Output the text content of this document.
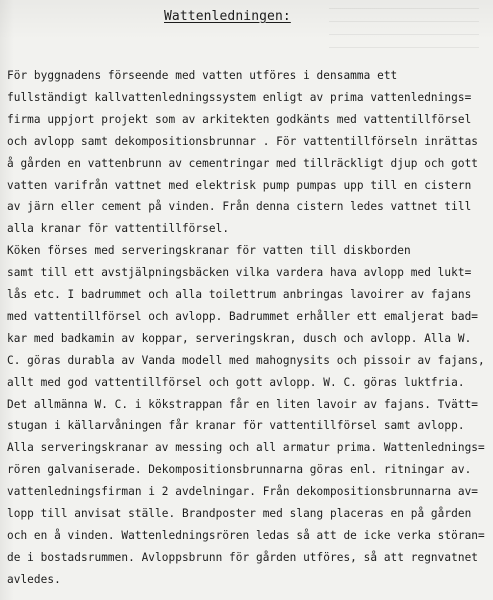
Wattenledningen:
För byggnadens förseende med vatten utföres i densamma ett
fullständigt kallvattenledningssystem enligt av prima vattenlednings=
firma uppjort projekt som av arkitekten godkänts med vattentillförsel
och avlopp samt dekompositionsbrunnar . För vattentillförseln inrättas
å gården en vattenbrunn av cementringar med tillräckligt djup och gott
vatten varifrån vattnet med elektrisk pump pumpas upp till en cistern
av järn eller cement på vinden. Från denna cistern ledes vattnet till
alla kranar för vattentillförsel.
Köken förses med serveringskranar för vatten till diskborden
samt till ett avstjälpningsbäcken vilka vardera hava avlopp med lukt=
lås etc. I badrummet och alla toilettrum anbringas lavoirer av fajans
med vattentillförsel och avlopp. Badrummet erhåller ett emaljerat bad=
kar med badkamin av koppar, serveringskran, dusch och avlopp. Alla W.
C. göras durabla av Vanda modell med mahognysits och pissoir av fajans,
allt med god vattentillförsel och gott avlopp. W. C. göras luktfria.
Det allmänna W. C. i kökstrappan får en liten lavoir av fajans. Tvätt=
stugan i källarvåningen får kranar för vattentillförsel samt avlopp.
Alla serveringskranar av messing och all armatur prima. Wattenlednings=
rören galvaniserade. Dekompositionsbrunnarna göras enl. ritningar av.
vattenledningsfirman i 2 avdelningar. Från dekompositionsbrunnarna av=
lopp till anvisat ställe. Brandposter med slang placeras en på gården
och en å vinden. Wattenledningsrören ledas så att de icke verka störan=
de i bostadsrummen. Avloppsbrunn för gården utföres, så att regnvatnet
avledes.
